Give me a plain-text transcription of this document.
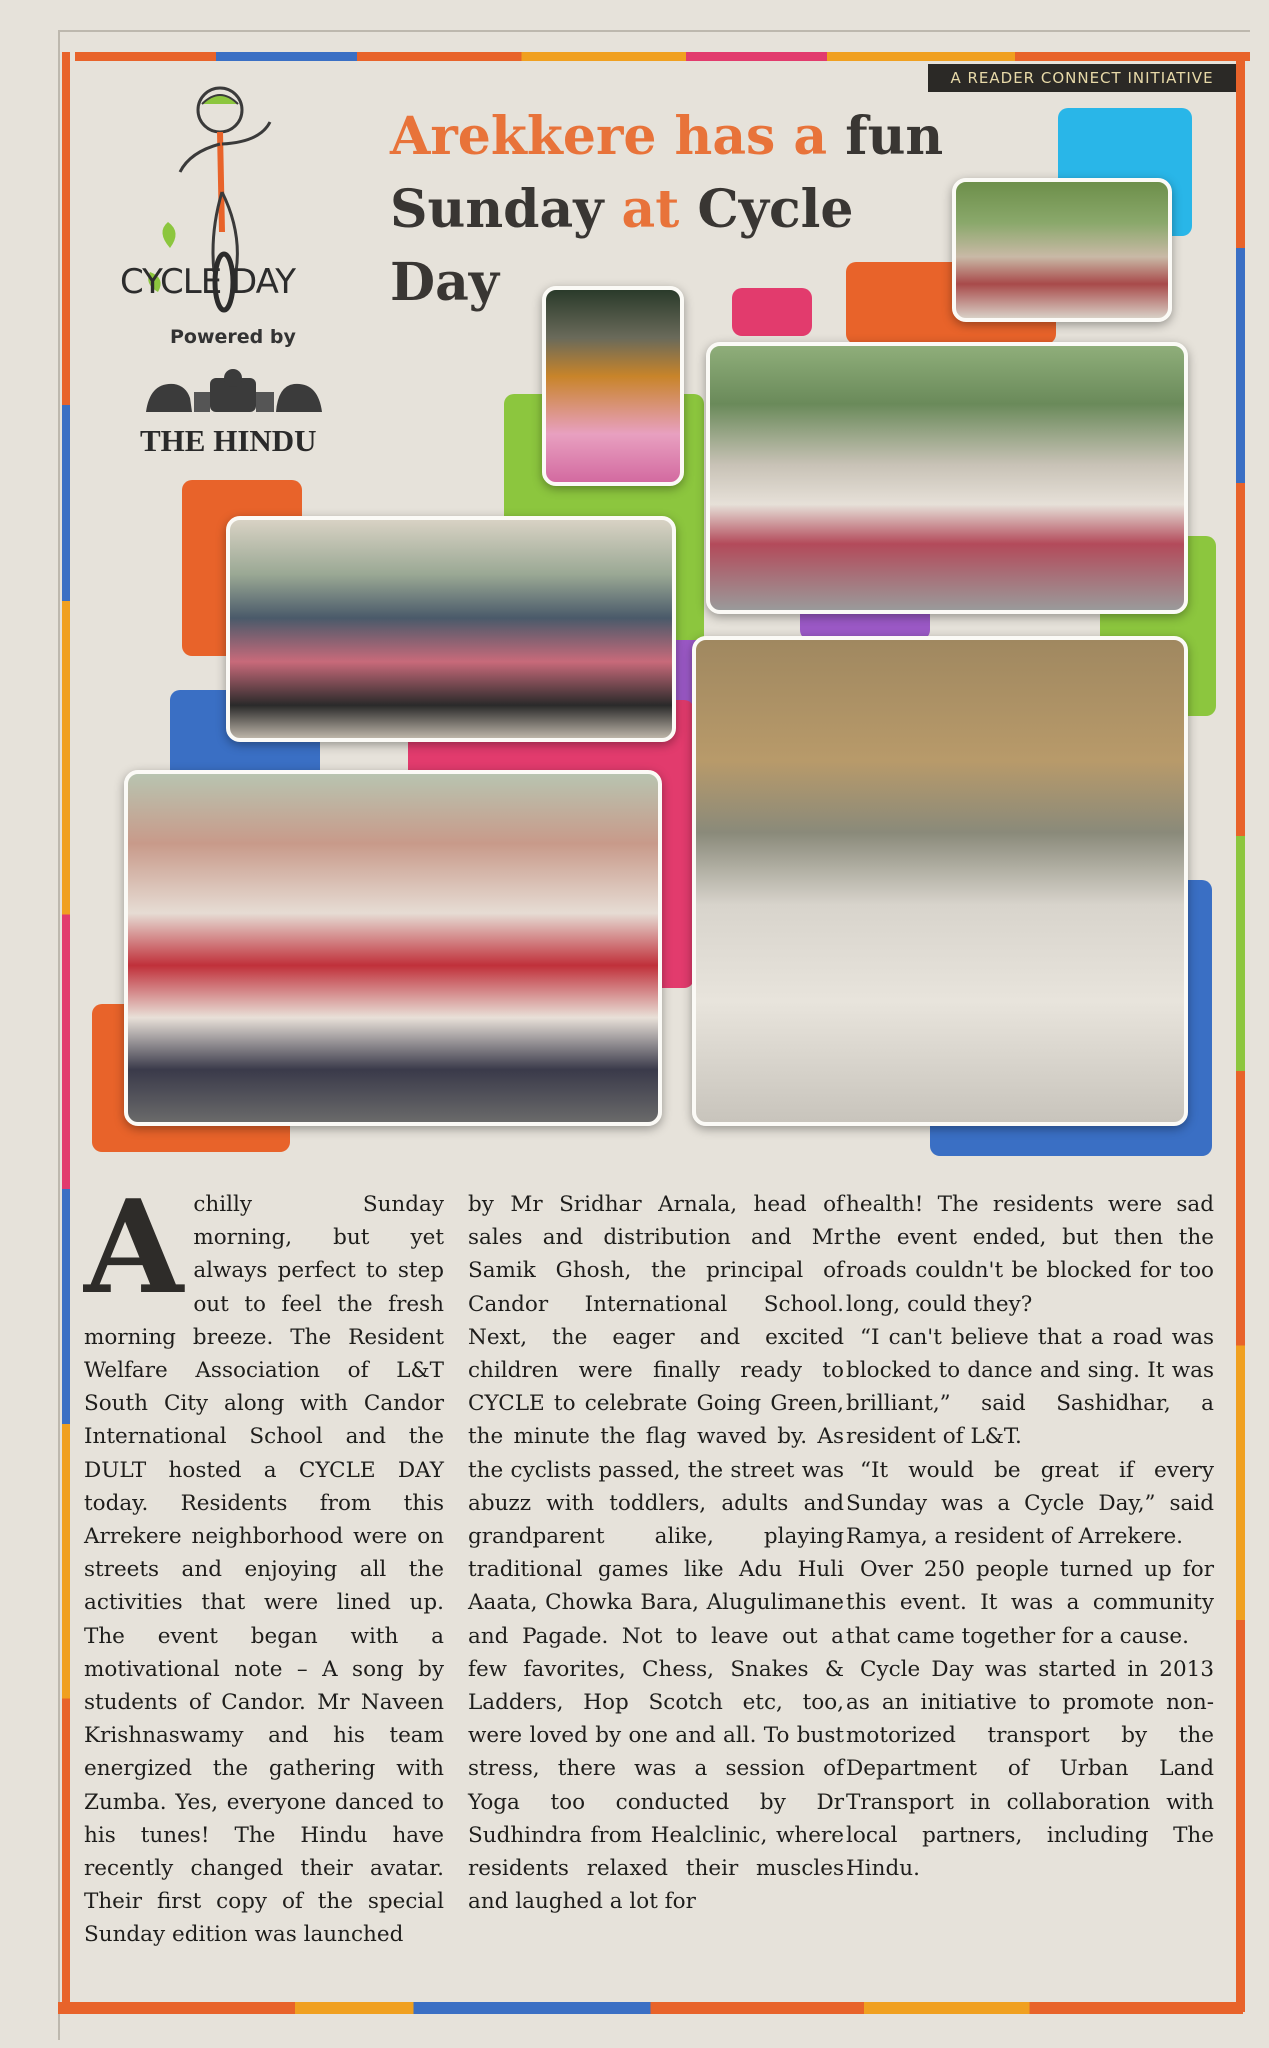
A READER CONNECT INITIATIVE
CYCLE DAY
Powered by
THE HINDU
Arekkere has a fun
Sunday at Cycle
Day

Achilly Sunday morning, but yet always perfect to step out to feel the fresh morning breeze. The Resident Welfare Association of L&T South City along with Candor International School and the DULT hosted a CYCLE DAY today. Residents from this Arrekere neighborhood were on streets and enjoying all the activities that were lined up. The event began with a motivational note – A song by students of Candor. Mr Naveen Krishnaswamy and his team energized the gathering with Zumba. Yes, everyone danced to his tunes! The Hindu have recently changed their avatar. Their first copy of the special Sunday edition was launched

by Mr Sridhar Arnala, head of sales and distribution and Mr Samik Ghosh, the principal of Candor International School. Next, the eager and excited children were finally ready to CYCLE to celebrate Going Green, the minute the flag waved by. As the cyclists passed, the street was abuzz with toddlers, adults and grandparent alike, playing traditional games like Adu Huli Aaata, Chowka Bara, Alugulimane and Pagade. Not to leave out a few favorites, Chess, Snakes & Ladders, Hop Scotch etc, too, were loved by one and all. To bust stress, there was a session of Yoga too conducted by Dr Sudhindra from Healclinic, where residents relaxed their muscles and laughed a lot for

health! The residents were sad the event ended, but then the roads couldn't be blocked for too long, could they?

“I can't believe that a road was blocked to dance and sing. It was brilliant,” said Sashidhar, a resident of L&T.

“It would be great if every Sunday was a Cycle Day,” said Ramya, a resident of Arrekere.

Over 250 people turned up for this event. It was a community that came together for a cause.

Cycle Day was started in 2013 as an initiative to promote non-motorized transport by the Department of Urban Land Transport in collaboration with local partners, including The Hindu.
